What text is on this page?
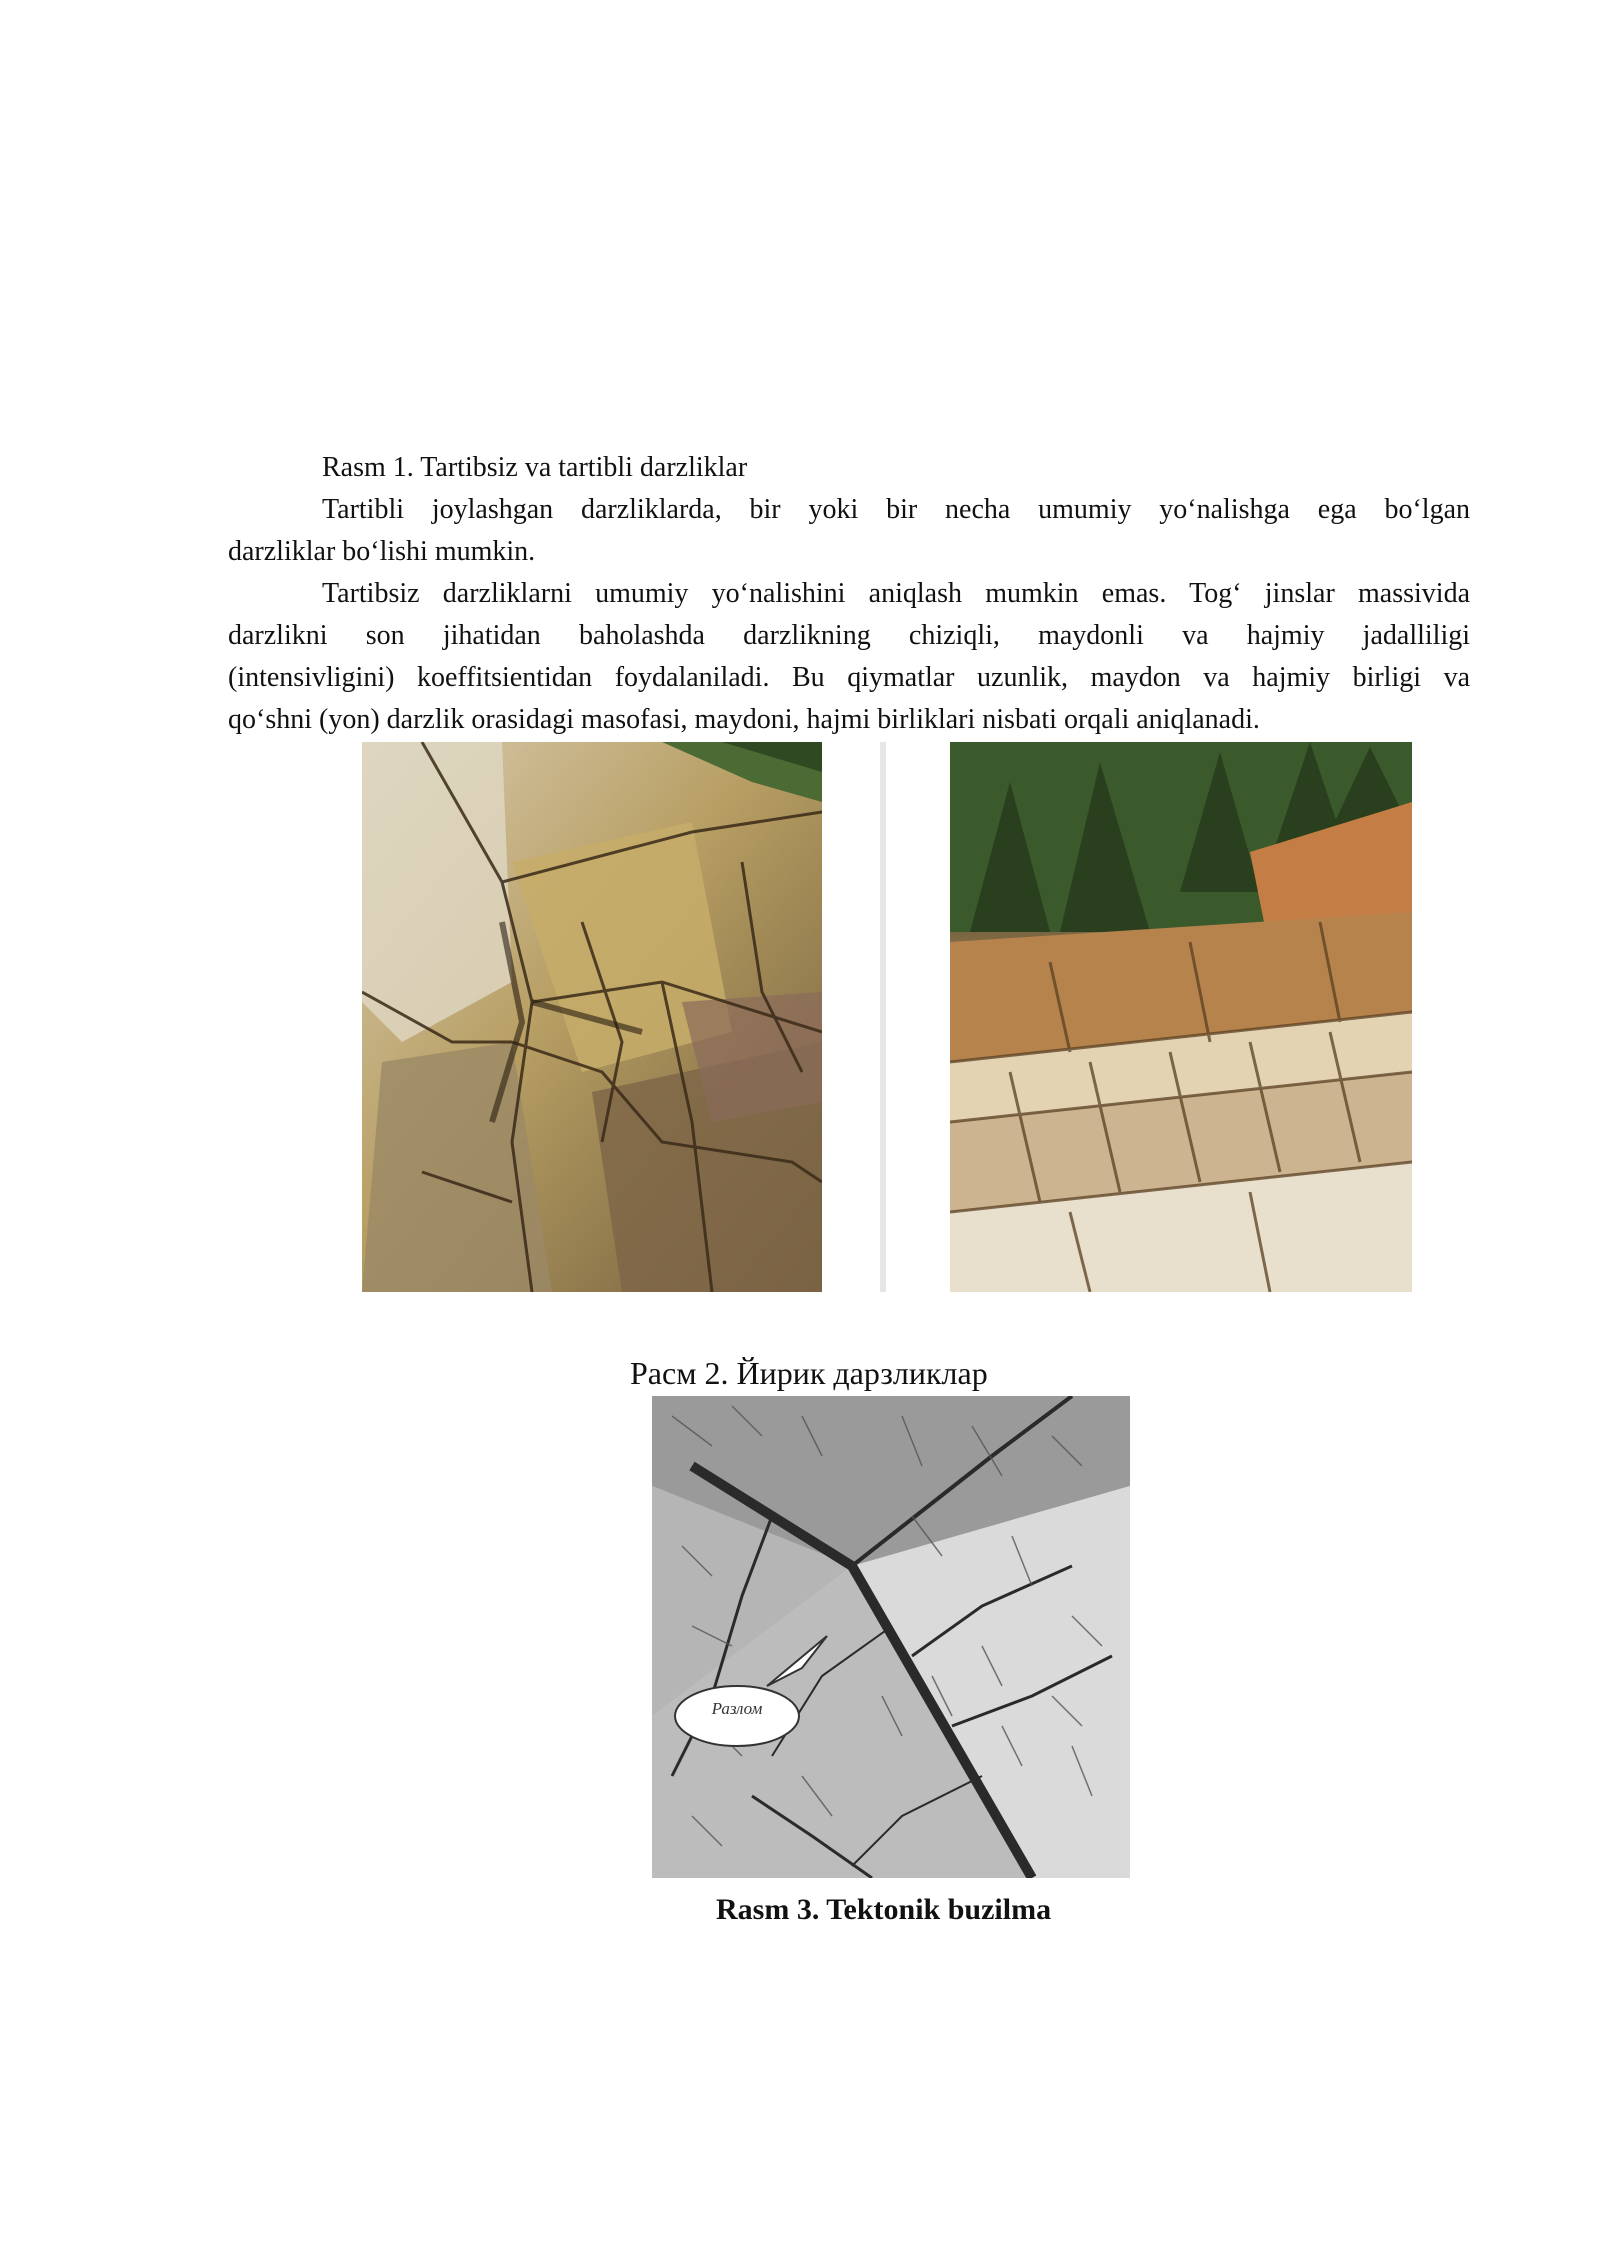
Rasm 1. Tartibsiz va tartibli darzliklar
Tartibli joylashgan darzliklarda, bir yoki bir necha umumiy yo‘nalishga ega bo‘lgan
darzliklar bo‘lishi mumkin.
Tartibsiz darzliklarni umumiy yo‘nalishini aniqlash mumkin emas. Tog‘ jinslar massivida
darzlikni son jihatidan baholashda darzlikning chiziqli, maydonli va hajmiy jadalliligi
(intensivligini) koeffitsientidan foydalaniladi. Bu qiymatlar uzunlik, maydon va hajmiy birligi va
qo‘shni (yon) darzlik orasidagi masofasi, maydoni, hajmi birliklari nisbati orqali aniqlanadi.
Расм 2. Йирик дарзликлар
Разлом
Rasm 3. Tektonik buzilma
